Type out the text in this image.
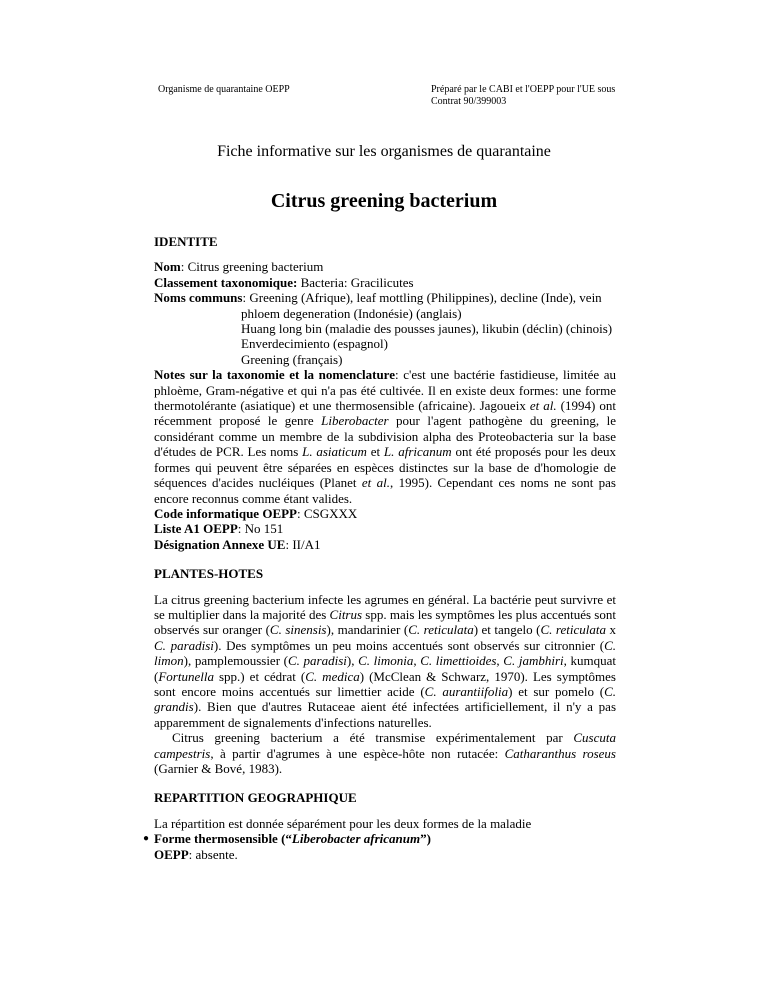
Organisme de quarantaine OEPP	Préparé par le CABI et l'OEPP pour l'UE sous
Contrat 90/399003
Fiche informative sur les organismes de quarantaine
Citrus greening bacterium

IDENTITE

Nom: Citrus greening bacterium

Classement taxonomique: Bacteria: Gracilicutes

Noms communs: Greening (Afrique), leaf mottling (Philippines), decline (Inde), vein

phloem degeneration (Indonésie) (anglais)
Huang long bin (maladie des pousses jaunes), likubin (déclin) (chinois)
Enverdecimiento (espagnol)
Greening (français)

Notes sur la taxonomie et la nomenclature: c'est une bactérie fastidieuse, limitée au phloème, Gram-négative et qui n'a pas été cultivée. Il en existe deux formes: une forme thermotolérante (asiatique) et une thermosensible (africaine). Jagoueix et al. (1994) ont récemment proposé le genre Liberobacter pour l'agent pathogène du greening, le considérant comme un membre de la subdivision alpha des Proteobacteria sur la base d'études de PCR. Les noms L. asiaticum et L. africanum ont été proposés pour les deux formes qui peuvent être séparées en espèces distinctes sur la base de d'homologie de séquences d'acides nucléiques (Planet et al., 1995). Cependant ces noms ne sont pas encore reconnus comme étant valides.

Code informatique OEPP: CSGXXX

Liste A1 OEPP: No 151

Désignation Annexe UE: II/A1

PLANTES-HOTES

La citrus greening bacterium infecte les agrumes en général. La bactérie peut survivre et se multiplier dans la majorité des Citrus spp. mais les symptômes les plus accentués sont observés sur oranger (C. sinensis), mandarinier (C. reticulata) et tangelo (C. reticulata x C. paradisi). Des symptômes un peu moins accentués sont observés sur citronnier (C. limon), pamplemoussier (C. paradisi), C. limonia, C. limettioides, C. jambhiri, kumquat (Fortunella spp.) et cédrat (C. medica) (McClean & Schwarz, 1970). Les symptômes sont encore moins accentués sur limettier acide (C. aurantiifolia) et sur pomelo (C. grandis). Bien que d'autres Rutaceae aient été infectées artificiellement, il n'y a pas apparemment de signalements d'infections naturelles.

Citrus greening bacterium a été transmise expérimentalement par Cuscuta campestris, à partir d'agrumes à une espèce-hôte non rutacée: Catharanthus roseus (Garnier & Bové, 1983).

REPARTITION GEOGRAPHIQUE

La répartition est donnée séparément pour les deux formes de la maladie

● Forme thermosensible (“Liberobacter africanum”)

OEPP: absente.
